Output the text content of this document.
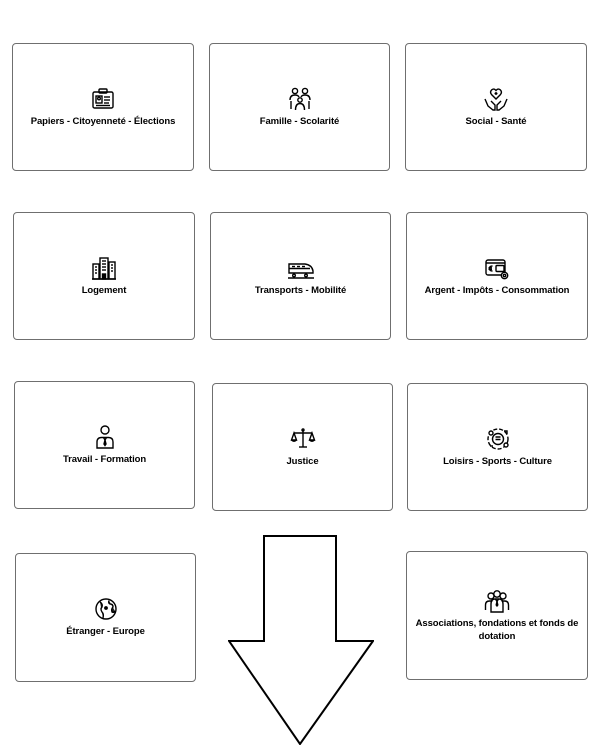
Papiers - Citoyenneté - Élections	Famille - Scolarité	Social - Santé
Logement	Transports - Mobilité	Argent - Impôts - Consommation
Travail - Formation	Justice	Loisirs - Sports - Culture
Étranger - Europe
Associations, fondations et fonds de dotation
